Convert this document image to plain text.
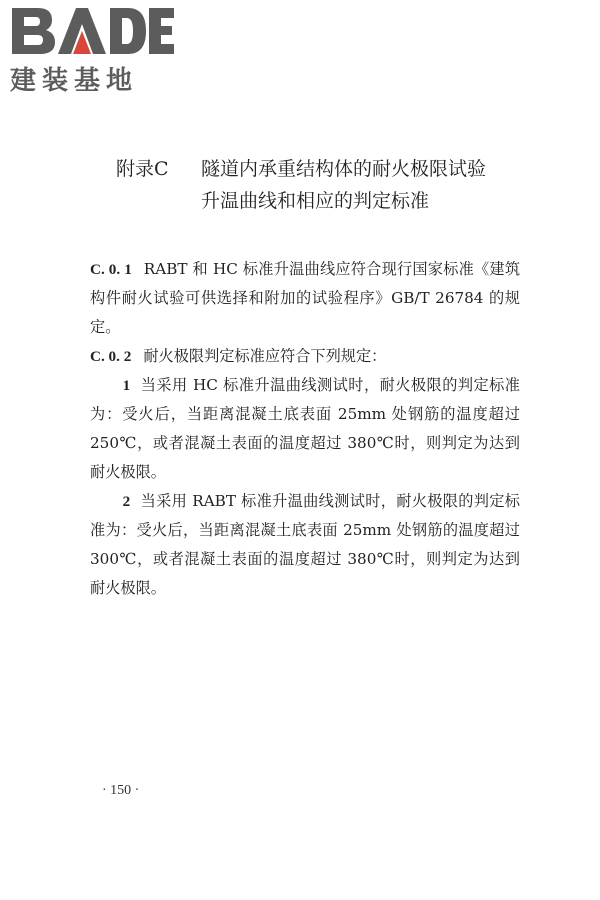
建装基地
附录C 隧道内承重结构体的耐火极限试验
升温曲线和相应的判定标准

C. 0. 1 RABT 和 HC 标准升温曲线应符合现行国家标准《建筑构件耐火试验可供选择和附加的试验程序》GB/T 26784 的规定。

C. 0. 2 耐火极限判定标准应符合下列规定：

1 当采用 HC 标准升温曲线测试时，耐火极限的判定标准为：受火后，当距离混凝土底表面 25mm 处钢筋的温度超过 250℃，或者混凝土表面的温度超过 380℃时，则判定为达到耐火极限。

2 当采用 RABT 标准升温曲线测试时，耐火极限的判定标准为：受火后，当距离混凝土底表面 25mm 处钢筋的温度超过 300℃，或者混凝土表面的温度超过 380℃时，则判定为达到耐火极限。

· 150 ·
